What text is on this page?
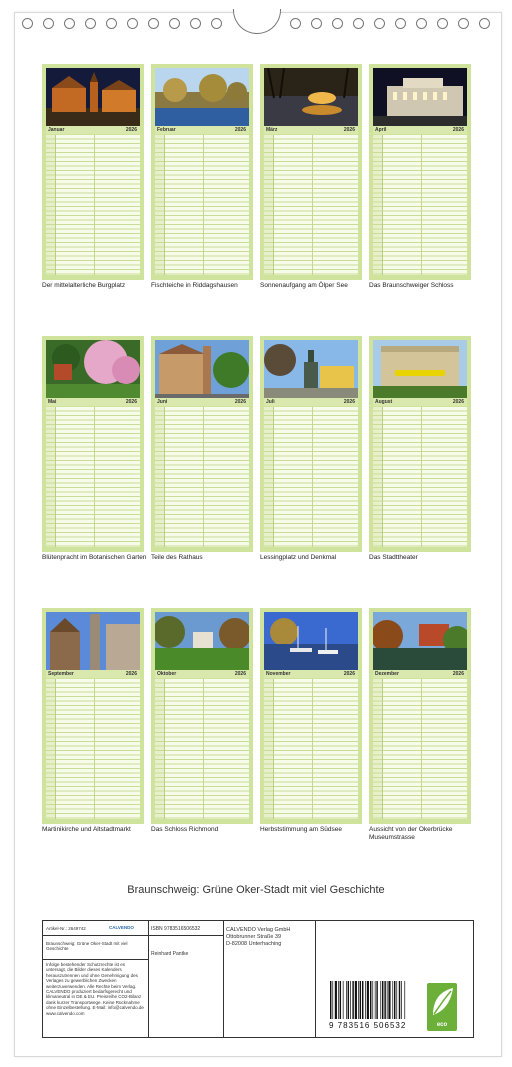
Januar	2026
Der mittelalterliche Burgplatz
Februar	2026
Fischteiche in Riddagshausen
März	2026
Sonnenaufgang am Ölper See
April	2026
Das Braunschweiger Schloss
Mai	2026
Blütenpracht im Botanischen Garten
Juni	2026
Teile des Rathaus
Juli	2026
Lessingplatz und Denkmal
August	2026
Das Stadttheater
September	2026
Martinikirche und Altstadtmarkt
Oktober	2026
Das Schloss Richmond
November	2026
Herbststimmung am Südsee
Dezember	2026
Aussicht von der Okerbrücke Museumstrasse
Braunschweig: Grüne Oker-Stadt mit viel Geschichte
Artikel-Nr.: 2649742	CALVENDO
Braunschweig: Grüne Oker-Stadt mit viel Geschichte
Infolge bestehender Schutzrechte ist es untersagt, die Bilder dieses Kalenders herauszutrennen und ohne Genehmigung des Verlages zu gewerblichen Zwecken weiterzuverwenden. Alle Rechte beim Verlag. CALVENDO produziert bedarfsgerecht und klimaneutral in DE & EU. Preisreihe CO2-Bilanz dank kurzer Transportwege. Keine Rücknahme ohne Einzelbestellung. E-Mail: info@calvendo.de www.calvendo.com
ISBN 9783516506532
Reinhard Pantke
CALVENDO Verlag GmbH
Ottobrunner Straße 39
D-82008 Unterhaching
9 783516 506532	eco
